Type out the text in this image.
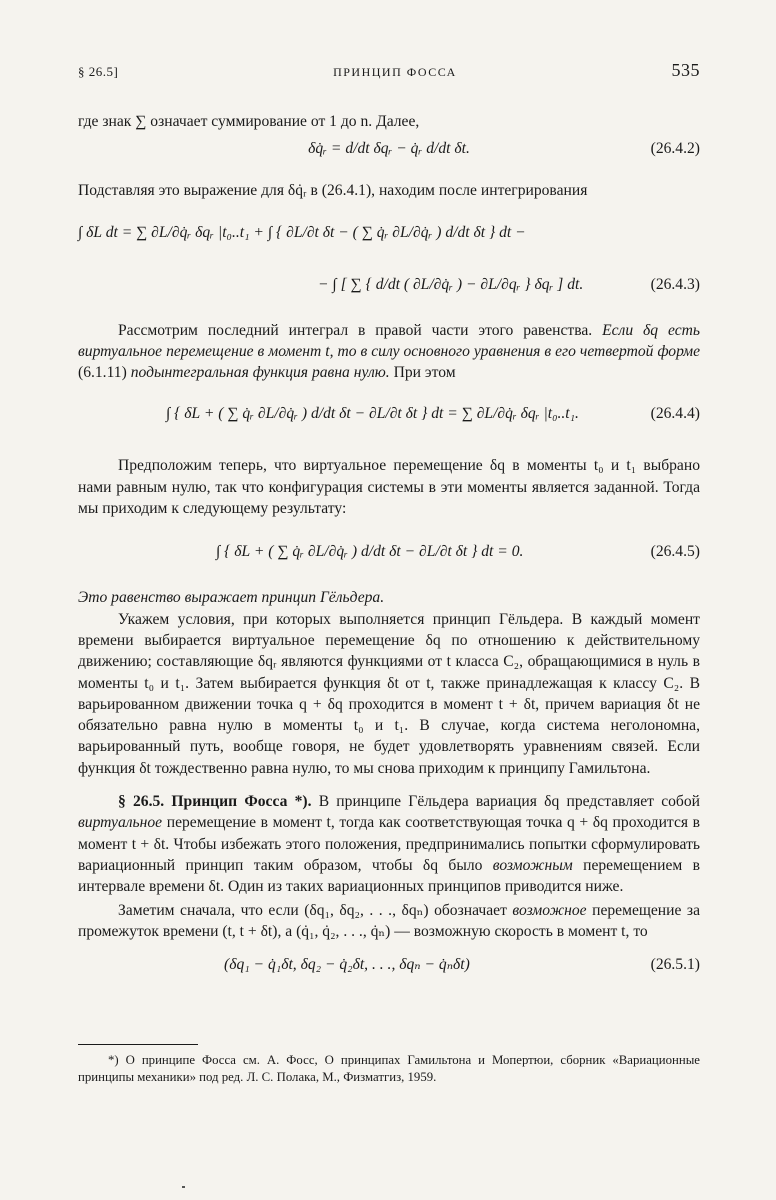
§ 26.5]	ПРИНЦИП ФОССА	535

где знак ∑ означает суммирование от 1 до n. Далее,

δq̇ᵣ = d/dt δqᵣ − q̇ᵣ d/dt δt.	(26.4.2)

Подставляя это выражение для δq̇ᵣ в (26.4.1), находим после интегрирования

∫ δL dt = ∑ ∂L/∂q̇ᵣ δqᵣ |t₀..t₁ + ∫ { ∂L/∂t δt − ( ∑ q̇ᵣ ∂L/∂q̇ᵣ ) d/dt δt } dt −
− ∫ [ ∑ { d/dt ( ∂L/∂q̇ᵣ ) − ∂L/∂qᵣ } δqᵣ ] dt.	(26.4.3)

Рассмотрим последний интеграл в правой части этого равенства. Если δq есть виртуальное перемещение в момент t, то в силу основного уравнения в его четвертой форме (6.1.11) подынтегральная функция равна нулю. При этом

∫ { δL + ( ∑ q̇ᵣ ∂L/∂q̇ᵣ ) d/dt δt − ∂L/∂t δt } dt = ∑ ∂L/∂q̇ᵣ δqᵣ |t₀..t₁.	(26.4.4)

Предположим теперь, что виртуальное перемещение δq в моменты t₀ и t₁ выбрано нами равным нулю, так что конфигурация системы в эти моменты является заданной. Тогда мы приходим к следующему результату:

∫ { δL + ( ∑ q̇ᵣ ∂L/∂q̇ᵣ ) d/dt δt − ∂L/∂t δt } dt = 0.	(26.4.5)

Это равенство выражает принцип Гёльдера.

Укажем условия, при которых выполняется принцип Гёльдера. В каждый момент времени выбирается виртуальное перемещение δq по отношению к действительному движению; составляющие δqᵣ являются функциями от t класса C₂, обращающимися в нуль в моменты t₀ и t₁. Затем выбирается функция δt от t, также принадлежащая к классу C₂. В варьированном движении точка q + δq проходится в момент t + δt, причем вариация δt не обязательно равна нулю в моменты t₀ и t₁. В случае, когда система неголономна, варьированный путь, вообще говоря, не будет удовлетворять уравнениям связей. Если функция δt тождественно равна нулю, то мы снова приходим к принципу Гамильтона.

§ 26.5. Принцип Фосса *). В принципе Гёльдера вариация δq представляет собой виртуальное перемещение в момент t, тогда как соответствующая точка q + δq проходится в момент t + δt. Чтобы избежать этого положения, предпринимались попытки сформулировать вариационный принцип таким образом, чтобы δq было возможным перемещением в интервале времени δt. Один из таких вариационных принципов приводится ниже.

Заметим сначала, что если (δq₁, δq₂, . . ., δqₙ) обозначает возможное перемещение за промежуток времени (t, t + δt), а (q̇₁, q̇₂, . . ., q̇ₙ) — возможную скорость в момент t, то

(δq₁ − q̇₁δt, δq₂ − q̇₂δt, . . ., δqₙ − q̇ₙδt)	(26.5.1)
*) О принципе Фосса см. А. Фосс, О принципах Гамильтона и Мопертюи, сборник «Вариационные принципы механики» под ред. Л. С. Полака, М., Физматгиз, 1959.
